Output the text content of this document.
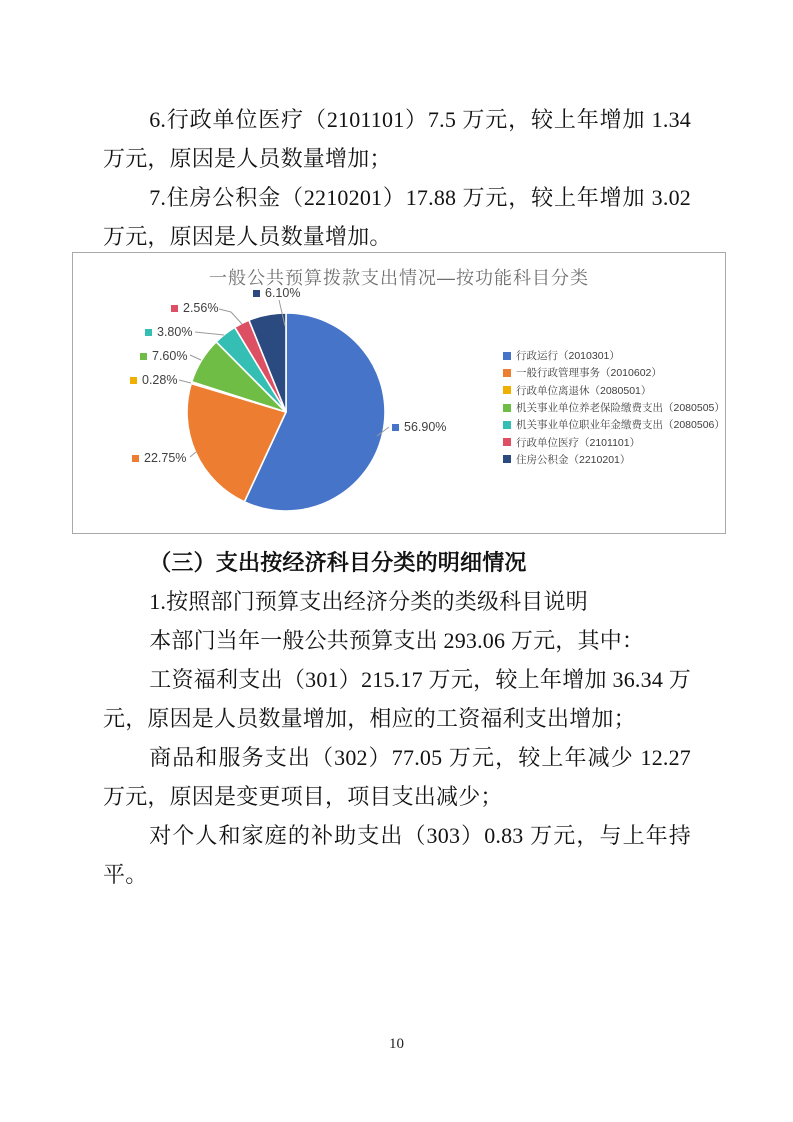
6.行政单位医疗（2101101）7.5 万元，较上年增加 1.34 万元，原因是人员数量增加；

7.住房公积金（2210201）17.88 万元，较上年增加 3.02 万元，原因是人员数量增加。

一般公共预算拨款支出情况—按功能科目分类
56.90%
22.75%
0.28%
7.60%
3.80%
2.56%
6.10%
行政运行（2010301）
一般行政管理事务（2010602）
行政单位离退休（2080501）
机关事业单位养老保险缴费支出（2080505）
机关事业单位职业年金缴费支出（2080506）
行政单位医疗（2101101）
住房公积金（2210201）

（三）支出按经济科目分类的明细情况

1.按照部门预算支出经济分类的类级科目说明

本部门当年一般公共预算支出 293.06 万元，其中：

工资福利支出（301）215.17 万元，较上年增加 36.34 万元，原因是人员数量增加，相应的工资福利支出增加；

商品和服务支出（302）77.05 万元，较上年减少 12.27 万元，原因是变更项目，项目支出减少；

对个人和家庭的补助支出（303）0.83 万元，与上年持平。

10
